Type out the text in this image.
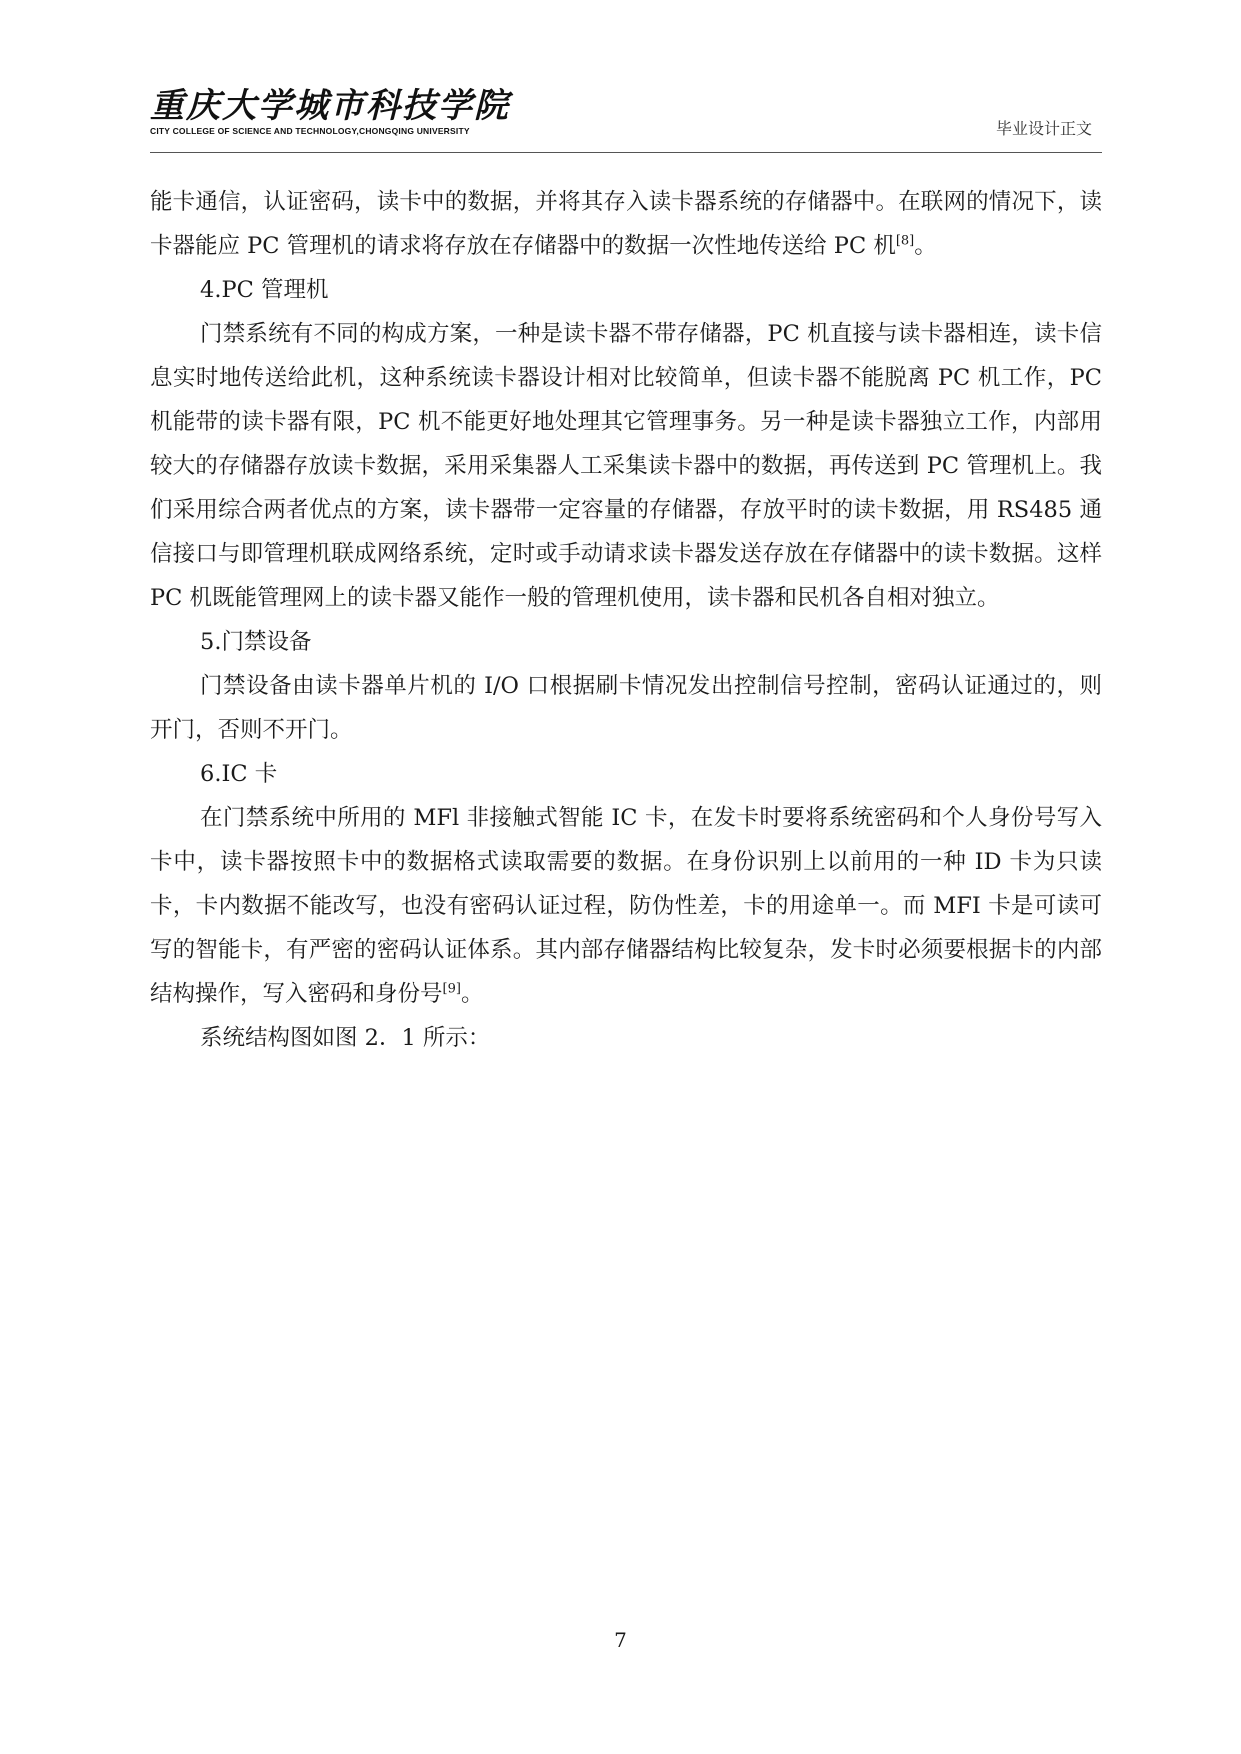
重庆大学城市科技学院
CITY COLLEGE OF SCIENCE AND TECHNOLOGY,CHONGQING UNIVERSITY	毕业设计正文

能卡通信，认证密码，读卡中的数据，并将其存入读卡器系统的存储器中。在联网的情况下，读卡器能应 PC 管理机的请求将存放在存储器中的数据一次性地传送给 PC 机[8]。

4.PC 管理机

门禁系统有不同的构成方案，一种是读卡器不带存储器，PC 机直接与读卡器相连，读卡信息实时地传送给此机，这种系统读卡器设计相对比较简单，但读卡器不能脱离 PC 机工作，PC 机能带的读卡器有限，PC 机不能更好地处理其它管理事务。另一种是读卡器独立工作，内部用较大的存储器存放读卡数据，采用采集器人工采集读卡器中的数据，再传送到 PC 管理机上。我们采用综合两者优点的方案，读卡器带一定容量的存储器，存放平时的读卡数据，用 RS485 通信接口与即管理机联成网络系统，定时或手动请求读卡器发送存放在存储器中的读卡数据。这样 PC 机既能管理网上的读卡器又能作一般的管理机使用，读卡器和民机各自相对独立。

5.门禁设备

门禁设备由读卡器单片机的 I/O 口根据刷卡情况发出控制信号控制，密码认证通过的，则开门，否则不开门。

6.IC 卡

在门禁系统中所用的 MFl 非接触式智能 IC 卡，在发卡时要将系统密码和个人身份号写入卡中，读卡器按照卡中的数据格式读取需要的数据。在身份识别上以前用的一种 ID 卡为只读卡，卡内数据不能改写，也没有密码认证过程，防伪性差，卡的用途单一。而 MFI 卡是可读可写的智能卡，有严密的密码认证体系。其内部存储器结构比较复杂，发卡时必须要根据卡的内部结构操作，写入密码和身份号[9]。

系统结构图如图 2．1 所示：

7
